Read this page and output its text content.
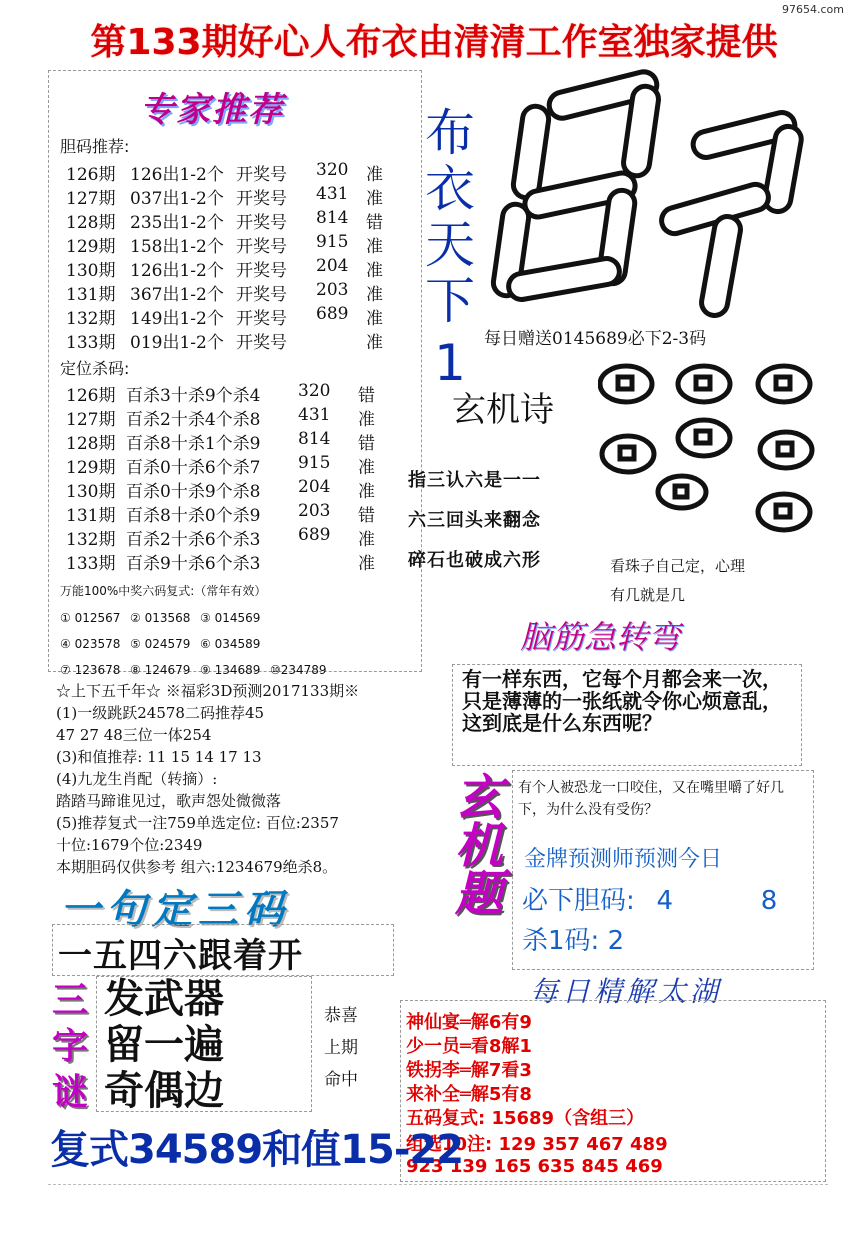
97654.com
第133期好心人布衣由清清工作室独家提供
专家推荐
胆码推荐:
126期 126出1-2个 开奖号 320 准
127期 037出1-2个 开奖号 431 准
128期 235出1-2个 开奖号 814 错
129期 158出1-2个 开奖号 915 准
130期 126出1-2个 开奖号 204 准
131期 367出1-2个 开奖号 203 准
132期 149出1-2个 开奖号 689 准
133期 019出1-2个 开奖号	准
定位杀码:
126期 百杀3十杀9个杀4 320 错
127期 百杀2十杀4个杀8 431 准
128期 百杀8十杀1个杀9 814 错
129期 百杀0十杀6个杀7 915 准
130期 百杀0十杀9个杀8 204 准
131期 百杀8十杀0个杀9 203 错
132期 百杀2十杀6个杀3 689 准
133期 百杀9十杀6个杀3	准
万能100%中奖六码复式:（常年有效）
① 012567 ② 013568 ③ 014569
④ 023578 ⑤ 024579 ⑥ 034589
⑦ 123678 ⑧ 124679 ⑨ 134689 ⑩234789
布
衣
天
下
1	每日赠送0145689必下2-3码
玄机诗
指三认六是一一
六三回头来翻念
碎石也破成六形	看珠子自己定，心理
有几就是几
脑筋急转弯
有一样东西，它每个月都会来一次，只是薄薄的一张纸就令你心烦意乱，这到底是什么东西呢？
玄
机
题
有个人被恐龙一口咬住，又在嘴里嚼了好几下，为什么没有受伤？
金牌预测师预测今日
必下胆码: 4	8
杀1码: 2
每日精解太湖
神仙宴═解6有9
少一员═看8解1
铁拐李═解7看3
来补全═解5有8
五码复式: 15689（含组三）
组选10注: 129 357 467 489
923 139 165 635 845 469
☆上下五千年☆ ※福彩3D预测2017133期※
(1)一级跳跃24578二码推荐45
47 27 48三位一体254
(3)和值推荐: 11 15 14 17 13
(4)九龙生肖配（转摘）:
踏踏马蹄谁见过，歌声怨处微微落
(5)推荐复式一注759单选定位: 百位:2357
十位:1679个位:2349
本期胆码仅供参考 组六:1234679绝杀8。
一句定三码
一五四六跟着开
三
字
谜
发武器
留一遍
奇偶边
恭喜
上期
命中
复式34589和值15-22
